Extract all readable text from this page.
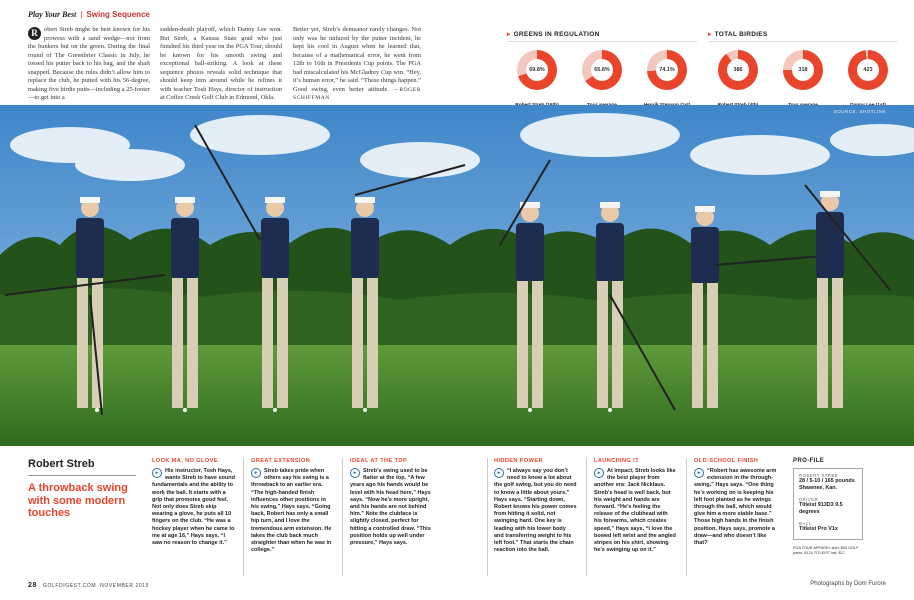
Play Your Best | Swing Sequence

R obert Streb might be best known for his prowess with a sand wedge—not from the bunkers but on the green. During the final round of The Greenbrier Classic in July, he tossed his putter back to his bag, and the shaft snapped. Because the rules didn’t allow him to replace the club, he putted with his 56-degree, making five birdie putts—including a 25-footer—to get into a

sudden-death playoff, which Danny Lee won. But Streb, a Kansas State grad who just finished his third year on the PGA Tour, should be known for his smooth swing and exceptional ball-striking. A look at these sequence photos reveals solid technique that should keep him around while he refines it with teacher Tosh Hays, director of instruction at Coffee Creek Golf Club in Edmond, Okla.

Better yet, Streb’s demeanor rarely changes. Not only was he unfazed by the putter incident, he kept his cool in August when he learned that, because of a mathematical error, he went from 12th to 16th in Presidents Cup points. The PGA had miscalculated his McGladrey Cup win. “Hey, it’s human error,” he said. “These things happen.” Good swing, even better attitude. —ROGER SCHIFFMAN

▸ GREENS IN REGULATION
69.8%	65.8%	74.1%
▸ TOTAL BIRDIES
386	318	423
SOURCE: SHOTLINK
Robert Streb
A throwback swing with some modern touches
LOOK MA, NO GLOVE
▸	His instructor, Tosh Hays, wants Streb to have sound fundamentals and the ability to work the ball. It starts with a grip that promotes good feel. Not only does Streb skip wearing a glove, he puts all 10 fingers on the club. “He was a hockey player when he came to me at age 16,” Hays says. “I saw no reason to change it.”
GREAT EXTENSION
▸	Streb takes pride when others say his swing is a throwback to an earlier era. “The high-handed finish influences other positions in his swing,” Hays says. “Going back, Robert has only a small hip turn, and I love the tremendous arm extension. He takes the club back much straighter than when he was in college.”
IDEAL AT THE TOP
▸	Streb’s swing used to be flatter at the top. “A few years ago his hands would be level with his head here,” Hays says. “Now he’s more upright, and his hands are not behind him.” Note the clubface is slightly closed, perfect for hitting a controlled draw. “This position holds up well under pressure,” Hays says.
HIDDEN POWER
▸	“I always say you don’t need to know a lot about the golf swing, but you do need to know a little about yours,” Hays says. “Starting down, Robert knows his power comes from hitting it solid, not swinging hard. One key is leading with his lower body and transferring weight to his left foot.” That starts the chain reaction into the ball.
LAUNCHING IT
▸	At impact, Streb looks like the best player from another era: Jack Nicklaus. Streb’s head is well back, but his weight and hands are forward. “He’s feeling the release of the clubhead with his forearms, which creates speed,” Hays says. “I love the bowed left wrist and the angled stripes on his shirt, showing he’s swinging up on it.”
OLD-SCHOOL FINISH
▸	“Robert has awesome arm extension in the through-swing,” Hays says. “One thing he’s working on is keeping his left foot planted as he swings through the ball, which would give him a more stable base.” Those high hands in the finish position, Hays says, promote a draw—and who doesn’t like that?
PRO-FILE
ROBERT STREB
28 / 5-10 / 165 pounds Shawnee, Kan.
DRIVER
Titleist 913D3 9.5 degrees
BALL
Titleist Pro V1x
PGA TOUR APPAREL shirt, $60 GOLF pants, $124 TITLEIST hat, $27
28 GOLFDIGEST.COM NOVEMBER 2015	Photographs by Dom Furore
